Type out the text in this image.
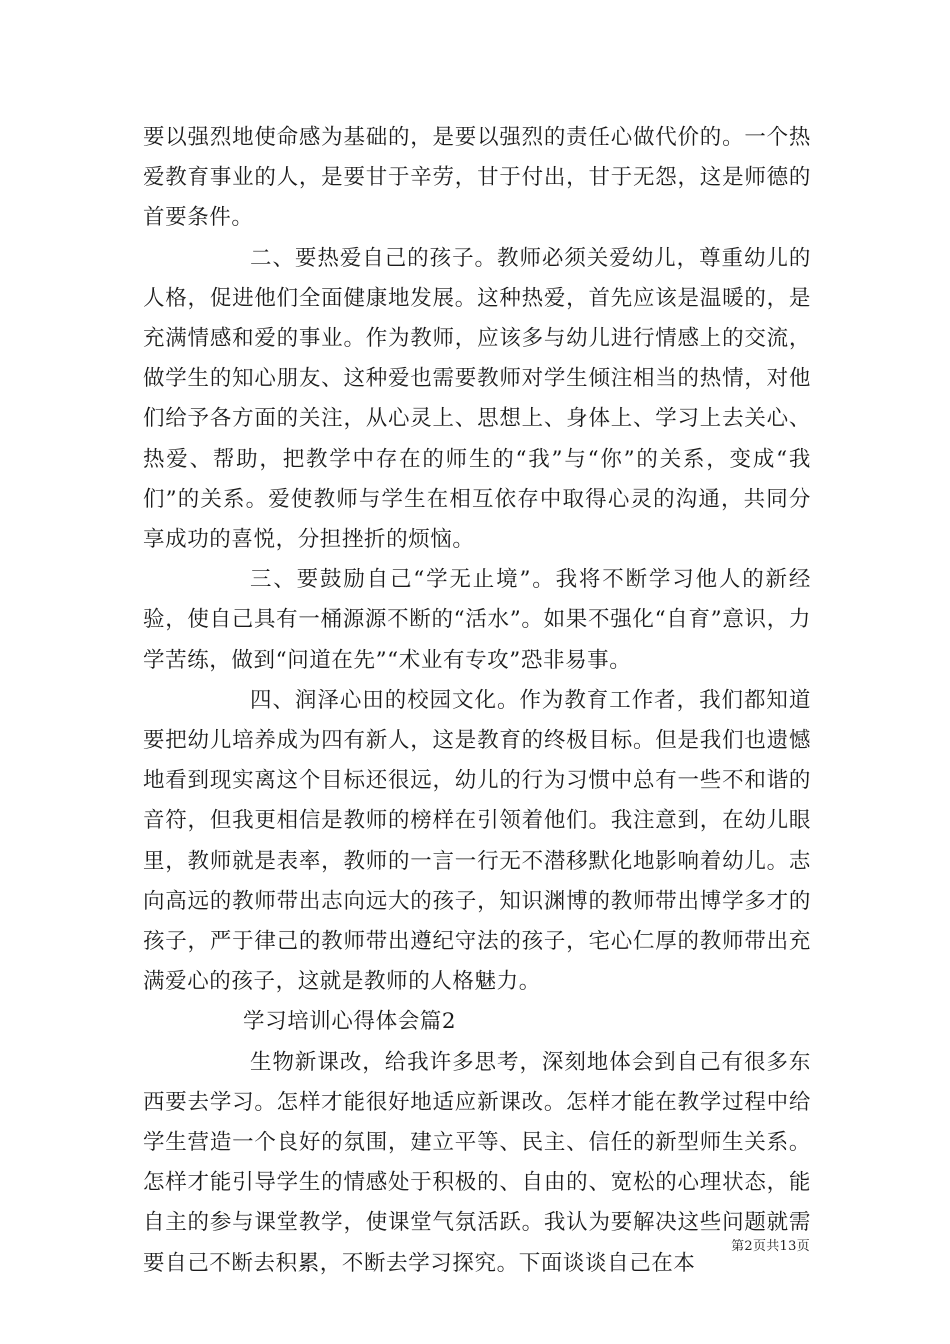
要以强烈地使命感为基础的，是要以强烈的责任心做代价的。一个热爱教育事业的人，是要甘于辛劳，甘于付出，甘于无怨，这是师德的首要条件。

二、要热爱自己的孩子。教师必须关爱幼儿，尊重幼儿的人格，促进他们全面健康地发展。这种热爱，首先应该是温暖的，是充满情感和爱的事业。作为教师，应该多与幼儿进行情感上的交流，做学生的知心朋友、这种爱也需要教师对学生倾注相当的热情，对他们给予各方面的关注，从心灵上、思想上、身体上、学习上去关心、热爱、帮助，把教学中存在的师生的“我”与“你”的关系，变成“我们”的关系。爱使教师与学生在相互依存中取得心灵的沟通，共同分享成功的喜悦，分担挫折的烦恼。

三、要鼓励自己“学无止境”。我将不断学习他人的新经验，使自己具有一桶源源不断的“活水”。如果不强化“自育”意识，力学苦练，做到“问道在先”“术业有专攻”恐非易事。

四、润泽心田的校园文化。作为教育工作者，我们都知道要把幼儿培养成为四有新人，这是教育的终极目标。但是我们也遗憾地看到现实离这个目标还很远，幼儿的行为习惯中总有一些不和谐的音符，但我更相信是教师的榜样在引领着他们。我注意到，在幼儿眼里，教师就是表率，教师的一言一行无不潜移默化地影响着幼儿。志向高远的教师带出志向远大的孩子，知识渊博的教师带出博学多才的孩子，严于律己的教师带出遵纪守法的孩子，宅心仁厚的教师带出充满爱心的孩子，这就是教师的人格魅力。

学习培训心得体会篇2

生物新课改，给我许多思考，深刻地体会到自己有很多东西要去学习。怎样才能很好地适应新课改。怎样才能在教学过程中给学生营造一个良好的氛围，建立平等、民主、信任的新型师生关系。怎样才能引导学生的情感处于积极的、自由的、宽松的心理状态，能自主的参与课堂教学，使课堂气氛活跃。我认为要解决这些问题就需要自己不断去积累，不断去学习探究。下面谈谈自己在本

第2页共13页
